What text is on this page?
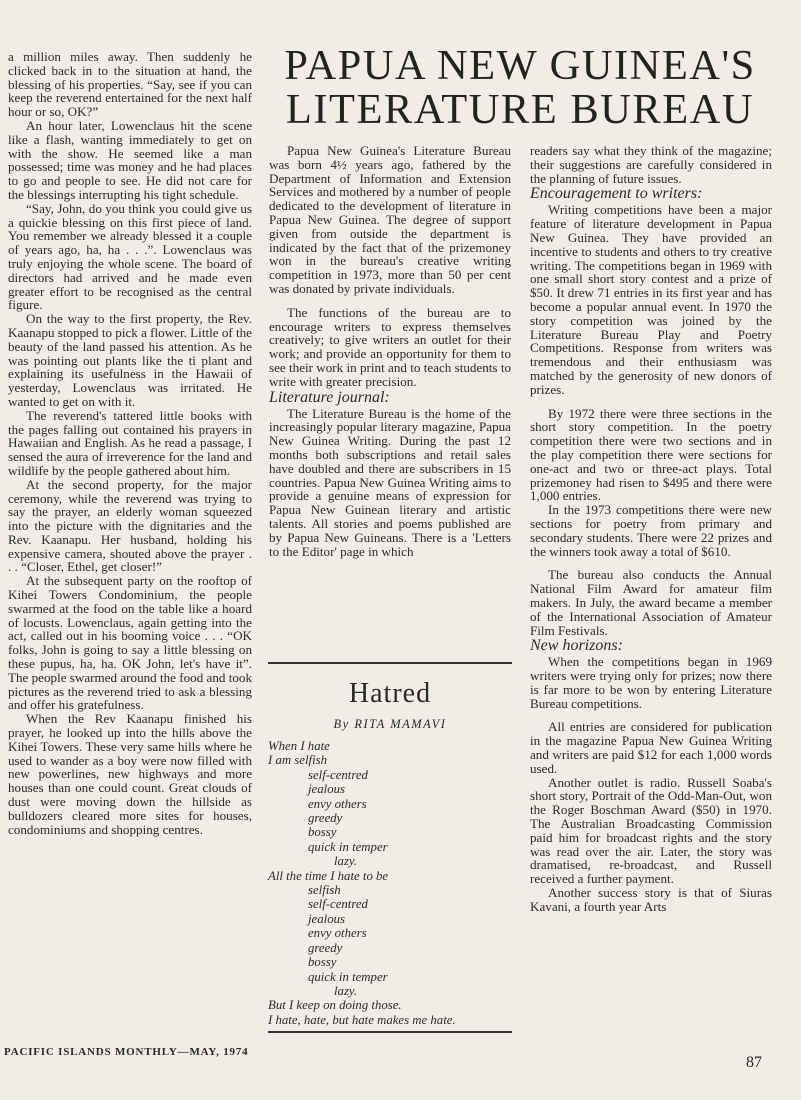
PAPUA NEW GUINEA'S
LITERATURE BUREAU

a million miles away. Then suddenly he clicked back in to the situation at hand, the blessing of his properties. “Say, see if you can keep the reverend entertained for the next half hour or so, OK?”

An hour later, Lowenclaus hit the scene like a flash, wanting immediately to get on with the show. He seemed like a man possessed; time was money and he had places to go and people to see. He did not care for the blessings interrupting his tight schedule.

“Say, John, do you think you could give us a quickie blessing on this first piece of land. You remember we already blessed it a couple of years ago, ha, ha . . .”. Lowenclaus was truly enjoying the whole scene. The board of directors had arrived and he made even greater effort to be recognised as the central figure.

On the way to the first property, the Rev. Kaanapu stopped to pick a flower. Little of the beauty of the land passed his attention. As he was pointing out plants like the ti plant and explaining its usefulness in the Hawaii of yesterday, Lowenclaus was irritated. He wanted to get on with it.

The reverend's tattered little books with the pages falling out contained his prayers in Hawaiian and English. As he read a passage, I sensed the aura of irreverence for the land and wildlife by the people gathered about him.

At the second property, for the major ceremony, while the reverend was trying to say the prayer, an elderly woman squeezed into the picture with the dignitaries and the Rev. Kaanapu. Her husband, holding his expensive camera, shouted above the prayer . . . “Closer, Ethel, get closer!”

At the subsequent party on the rooftop of Kihei Towers Condominium, the people swarmed at the food on the table like a hoard of locusts. Lowenclaus, again getting into the act, called out in his booming voice . . . “OK folks, John is going to say a little blessing on these pupus, ha, ha. OK John, let's have it”. The people swarmed around the food and took pictures as the reverend tried to ask a blessing and offer his gratefulness.

When the Rev Kaanapu finished his prayer, he looked up into the hills above the Kihei Towers. These very same hills where he used to wander as a boy were now filled with new powerlines, new highways and more houses than one could count. Great clouds of dust were moving down the hillside as bulldozers cleared more sites for houses, condominiums and shopping centres.

Papua New Guinea's Literature Bureau was born 4½ years ago, fathered by the Department of Information and Extension Services and mothered by a number of people dedicated to the development of literature in Papua New Guinea. The degree of support given from outside the department is indicated by the fact that of the prizemoney won in the bureau's creative writing competition in 1973, more than 50 per cent was donated by private individuals.

The functions of the bureau are to encourage writers to express themselves creatively; to give writers an outlet for their work; and provide an opportunity for them to see their work in print and to teach students to write with greater precision.

Literature journal:

The Literature Bureau is the home of the increasingly popular literary magazine, Papua New Guinea Writing. During the past 12 months both subscriptions and retail sales have doubled and there are subscribers in 15 countries. Papua New Guinea Writing aims to provide a genuine means of expression for Papua New Guinean literary and artistic talents. All stories and poems published are by Papua New Guineans. There is a 'Letters to the Editor' page in which

Hatred
By RITA MAMAVI
When I hate
I am selfish
self-centred
jealous
envy others
greedy
bossy
quick in temper
lazy.
All the time I hate to be
selfish
self-centred
jealous
envy others
greedy
bossy
quick in temper
lazy.
But I keep on doing those.
I hate, hate, but hate makes me hate.

readers say what they think of the magazine; their suggestions are carefully considered in the planning of future issues.

Encouragement to writers:

Writing competitions have been a major feature of literature development in Papua New Guinea. They have provided an incentive to students and others to try creative writing. The competitions began in 1969 with one small short story contest and a prize of $50. It drew 71 entries in its first year and has become a popular annual event. In 1970 the story competition was joined by the Literature Bureau Play and Poetry Competitions. Response from writers was tremendous and their enthusiasm was matched by the generosity of new donors of prizes.

By 1972 there were three sections in the short story competition. In the poetry competition there were two sections and in the play competition there were sections for one-act and two or three-act plays. Total prizemoney had risen to $495 and there were 1,000 entries.

In the 1973 competitions there were new sections for poetry from primary and secondary students. There were 22 prizes and the winners took away a total of $610.

The bureau also conducts the Annual National Film Award for amateur film makers. In July, the award became a member of the International Association of Amateur Film Festivals.

New horizons:

When the competitions began in 1969 writers were trying only for prizes; now there is far more to be won by entering Literature Bureau competitions.

All entries are considered for publication in the magazine Papua New Guinea Writing and writers are paid $12 for each 1,000 words used.

Another outlet is radio. Russell Soaba's short story, Portrait of the Odd-Man-Out, won the Roger Boschman Award ($50) in 1970. The Australian Broadcasting Commission paid him for broadcast rights and the story was read over the air. Later, the story was dramatised, re-broadcast, and Russell received a further payment.

Another success story is that of Siuras Kavani, a fourth year Arts

PACIFIC ISLANDS MONTHLY—MAY, 1974
87
